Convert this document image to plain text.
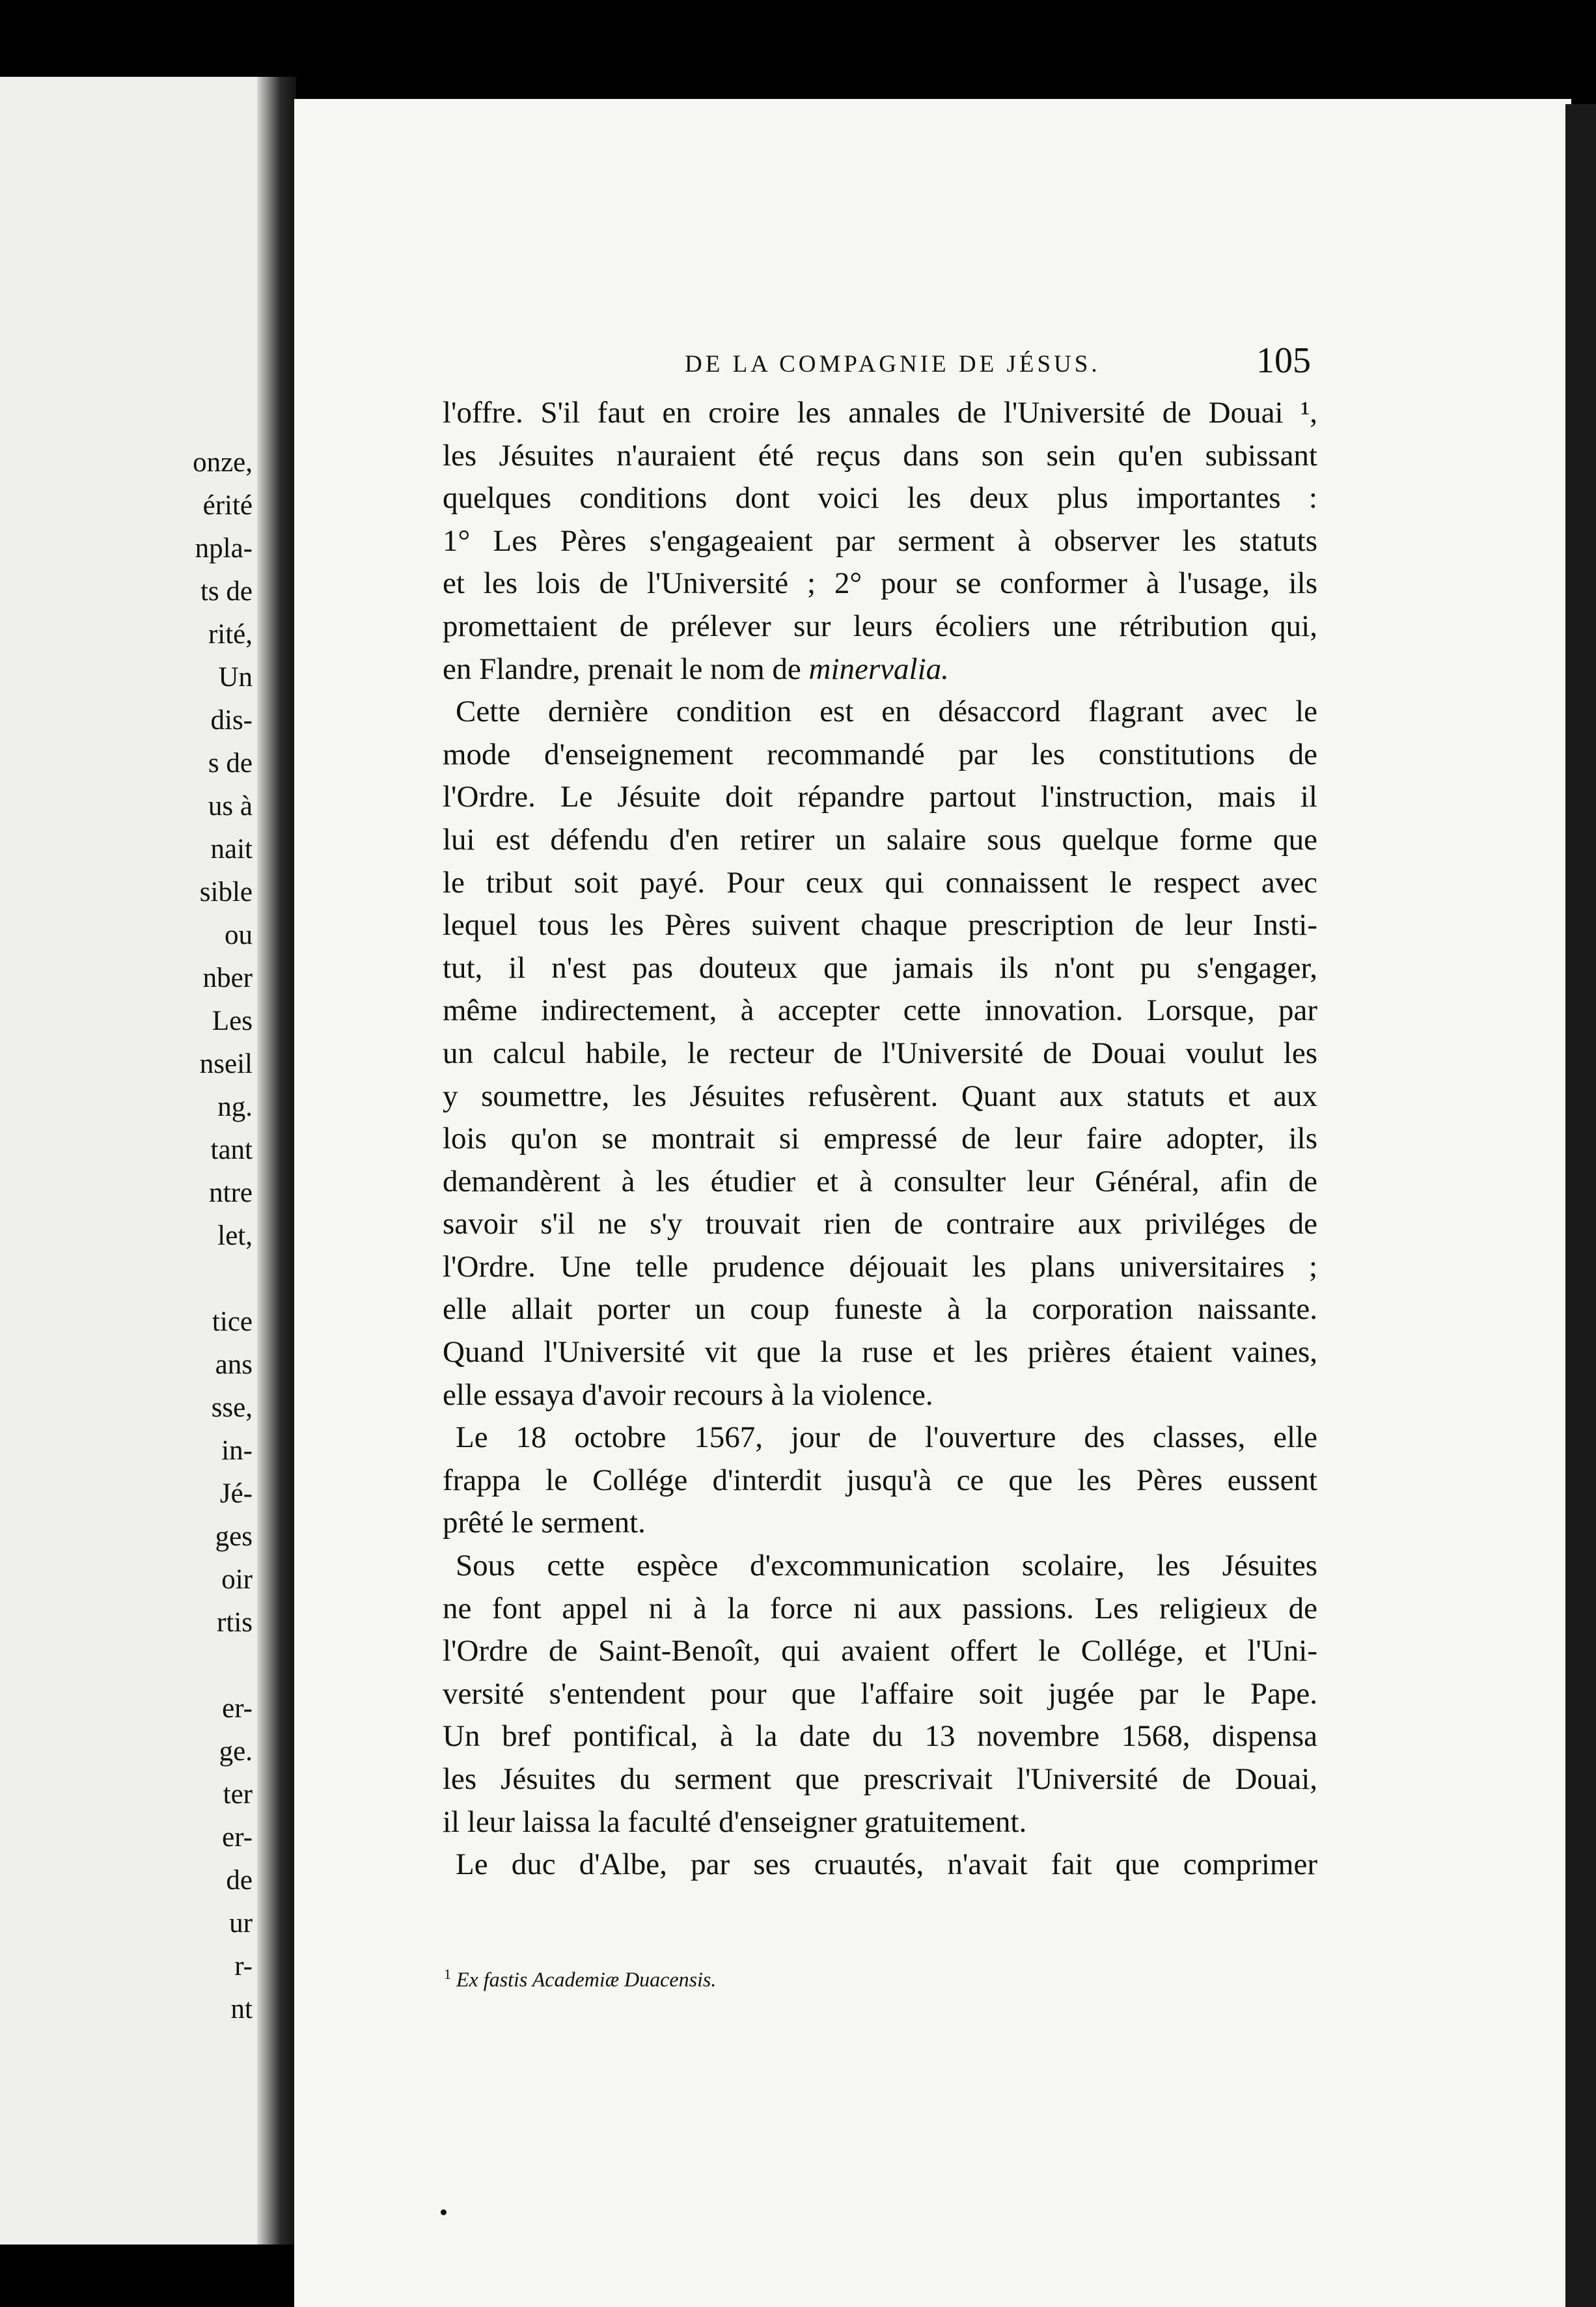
onze,
érité
npla-
ts de
rité,
Un
dis-
s de
us à
nait
sible
ou
nber
Les
nseil
ng.
tant
ntre
let,

tice
ans
sse,
in-
Jé-
ges
oir
rtis

er-
ge.
ter
er-
de
ur
r-
nt
DE LA COMPAGNIE DE JÉSUS.	105
l'offre. S'il faut en croire les annales de l'Université de Douai ¹,
les Jésuites n'auraient été reçus dans son sein qu'en subissant
quelques conditions dont voici les deux plus importantes :
1° Les Pères s'engageaient par serment à observer les statuts
et les lois de l'Université ; 2° pour se conformer à l'usage, ils
promettaient de prélever sur leurs écoliers une rétribution qui,
en Flandre, prenait le nom de minervalia.
Cette dernière condition est en désaccord flagrant avec le
mode d'enseignement recommandé par les constitutions de
l'Ordre. Le Jésuite doit répandre partout l'instruction, mais il
lui est défendu d'en retirer un salaire sous quelque forme que
le tribut soit payé. Pour ceux qui connaissent le respect avec
lequel tous les Pères suivent chaque prescription de leur Insti-
tut, il n'est pas douteux que jamais ils n'ont pu s'engager,
même indirectement, à accepter cette innovation. Lorsque, par
un calcul habile, le recteur de l'Université de Douai voulut les
y soumettre, les Jésuites refusèrent. Quant aux statuts et aux
lois qu'on se montrait si empressé de leur faire adopter, ils
demandèrent à les étudier et à consulter leur Général, afin de
savoir s'il ne s'y trouvait rien de contraire aux priviléges de
l'Ordre. Une telle prudence déjouait les plans universitaires ;
elle allait porter un coup funeste à la corporation naissante.
Quand l'Université vit que la ruse et les prières étaient vaines,
elle essaya d'avoir recours à la violence.
Le 18 octobre 1567, jour de l'ouverture des classes, elle
frappa le Collége d'interdit jusqu'à ce que les Pères eussent
prêté le serment.
Sous cette espèce d'excommunication scolaire, les Jésuites
ne font appel ni à la force ni aux passions. Les religieux de
l'Ordre de Saint-Benoît, qui avaient offert le Collége, et l'Uni-
versité s'entendent pour que l'affaire soit jugée par le Pape.
Un bref pontifical, à la date du 13 novembre 1568, dispensa
les Jésuites du serment que prescrivait l'Université de Douai,
il leur laissa la faculté d'enseigner gratuitement.
Le duc d'Albe, par ses cruautés, n'avait fait que comprimer
$^1$ Ex fastis Academiæ Duacensis.
